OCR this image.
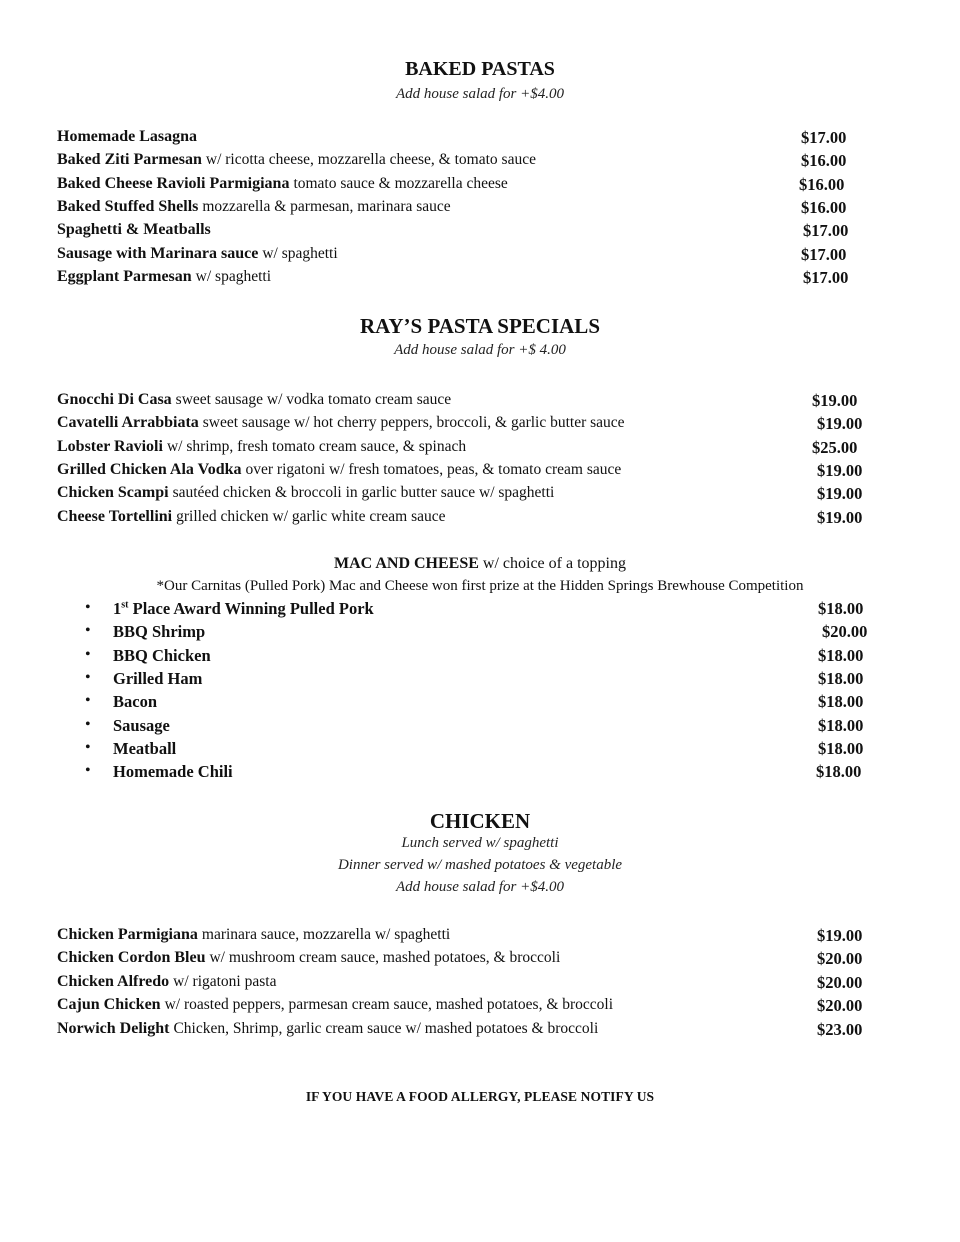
BAKED PASTAS
Add house salad for +$4.00
Homemade Lasagna	$17.00
Baked Ziti Parmesan w/ ricotta cheese, mozzarella cheese, & tomato sauce	$16.00
Baked Cheese Ravioli Parmigiana tomato sauce & mozzarella cheese	$16.00
Baked Stuffed Shells mozzarella & parmesan, marinara sauce	$16.00
Spaghetti & Meatballs	$17.00
Sausage with Marinara sauce w/ spaghetti	$17.00
Eggplant Parmesan w/ spaghetti	$17.00
RAY’S PASTA SPECIALS
Add house salad for +$ 4.00
Gnocchi Di Casa sweet sausage w/ vodka tomato cream sauce	$19.00
Cavatelli Arrabbiata sweet sausage w/ hot cherry peppers, broccoli, & garlic butter sauce	$19.00
Lobster Ravioli w/ shrimp, fresh tomato cream sauce, & spinach	$25.00
Grilled Chicken Ala Vodka over rigatoni w/ fresh tomatoes, peas, & tomato cream sauce	$19.00
Chicken Scampi sautéed chicken & broccoli in garlic butter sauce w/ spaghetti	$19.00
Cheese Tortellini grilled chicken w/ garlic white cream sauce	$19.00
MAC AND CHEESE w/ choice of a topping
*Our Carnitas (Pulled Pork) Mac and Cheese won first prize at the Hidden Springs Brewhouse Competition
• 1st Place Award Winning Pulled Pork	$18.00
• BBQ Shrimp	$20.00
• BBQ Chicken	$18.00
• Grilled Ham	$18.00
• Bacon	$18.00
• Sausage	$18.00
• Meatball	$18.00
• Homemade Chili	$18.00
CHICKEN
Lunch served w/ spaghetti
Dinner served w/ mashed potatoes & vegetable
Add house salad for +$4.00
Chicken Parmigiana marinara sauce, mozzarella w/ spaghetti	$19.00
Chicken Cordon Bleu w/ mushroom cream sauce, mashed potatoes, & broccoli	$20.00
Chicken Alfredo w/ rigatoni pasta	$20.00
Cajun Chicken w/ roasted peppers, parmesan cream sauce, mashed potatoes, & broccoli	$20.00
Norwich Delight Chicken, Shrimp, garlic cream sauce w/ mashed potatoes & broccoli	$23.00
IF YOU HAVE A FOOD ALLERGY, PLEASE NOTIFY US
